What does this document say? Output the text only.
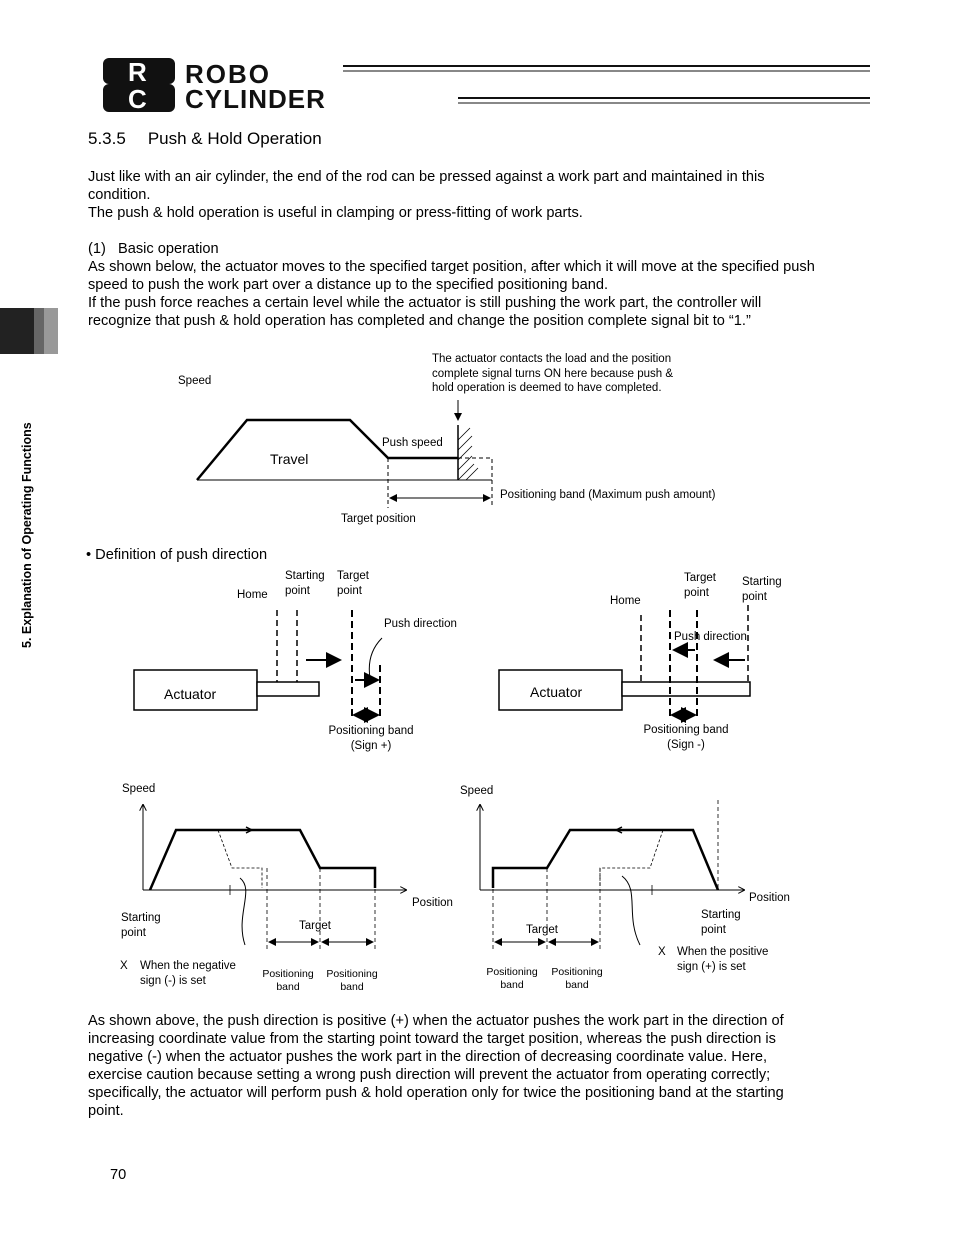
R
C
ROBO
CYLINDER
5. Explanation of Operating Functions
5.3.5 Push & Hold Operation
Just like with an air cylinder, the end of the rod can be pressed against a work part and maintained in this
condition.
The push & hold operation is useful in clamping or press-fitting of work parts.
(1)   Basic operation
As shown below, the actuator moves to the specified target position, after which it will move at the specified push
speed to push the work part over a distance up to the specified positioning band.
If the push force reaches a certain level while the actuator is still pushing the work part, the controller will
recognize that push & hold operation has completed and change the position complete signal bit to “1.”
Speed
Travel
Push speed
The actuator contacts the load and the position
complete signal turns ON here because push &
hold operation is deemed to have completed.
Positioning band (Maximum push amount)
Target position
• Definition of push direction
Home
Starting
point
Target
point
Push direction
Actuator
Positioning band
(Sign +)
Home
Target
point
Starting
point
Push direction
Actuator
Positioning band
(Sign -)
Speed
Position
Starting
point
Target
X When the negative
sign (-) is set
Positioning
band
Positioning
band
Speed
Position
Starting
point
Target
X When the positive
sign (+) is set
Positioning
band
Positioning
band
As shown above, the push direction is positive (+) when the actuator pushes the work part in the direction of
increasing coordinate value from the starting point toward the target position, whereas the push direction is
negative (-) when the actuator pushes the work part in the direction of decreasing coordinate value. Here,
exercise caution because setting a wrong push direction will prevent the actuator from operating correctly;
specifically, the actuator will perform push & hold operation only for twice the positioning band at the starting
point.
70
